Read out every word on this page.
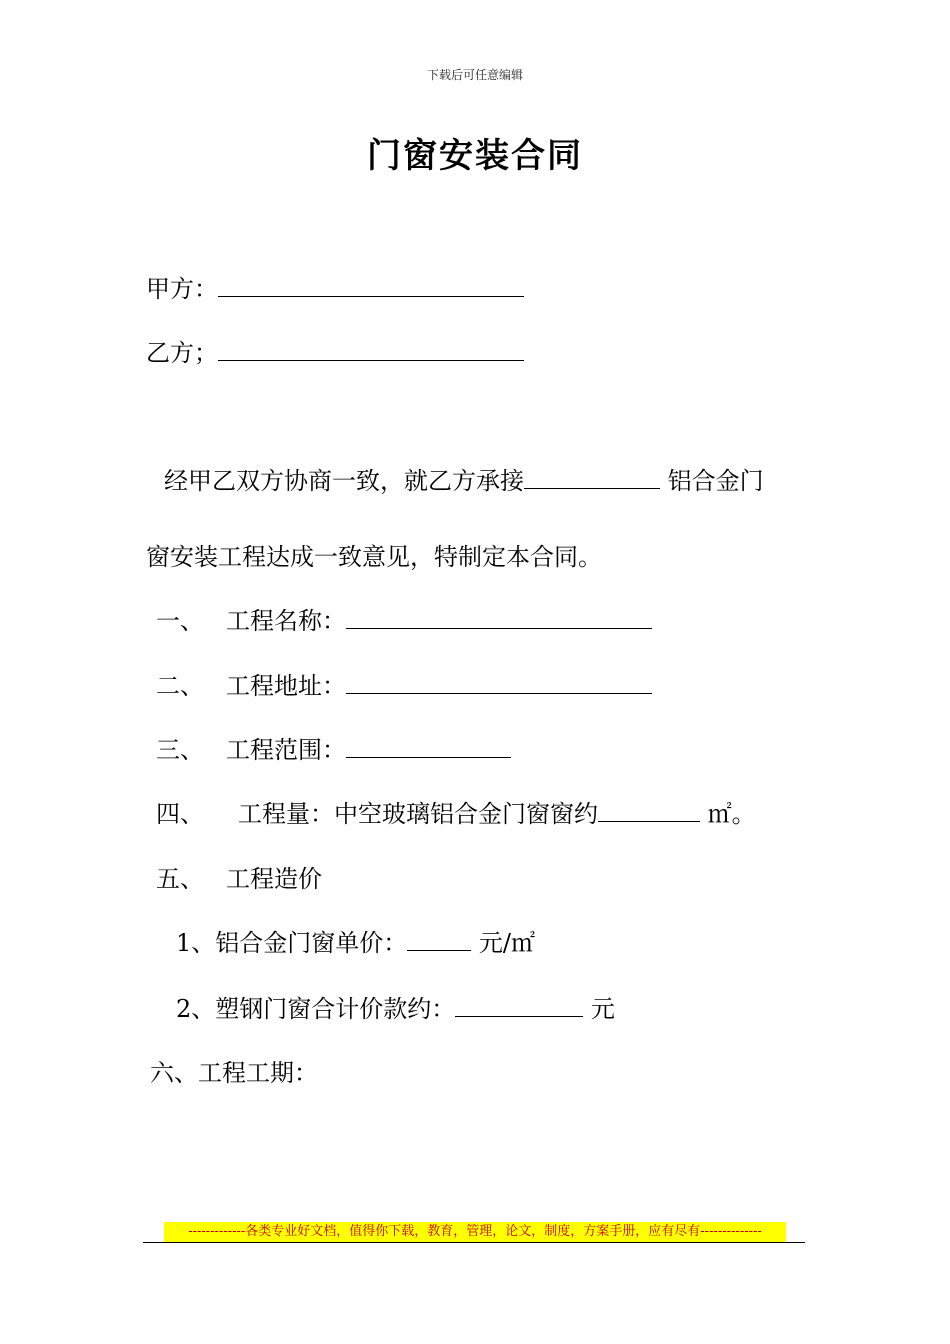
下载后可任意编辑
门窗安装合同
甲方：
乙方；
经甲乙双方协商一致，就乙方承接	铝合金门
窗安装工程达成一致意见，特制定本合同。
一、 工程名称：
二、 工程地址：
三、 工程范围：
四、 工程量：中空玻璃铝合金门窗窗约	㎡。
五、 工程造价
1、铝合金门窗单价：	元/㎡
2、塑钢门窗合计价款约：	元
六、工程工期：
-------------各类专业好文档，值得你下载，教育，管理，论文，制度，方案手册，应有尽有--------------
